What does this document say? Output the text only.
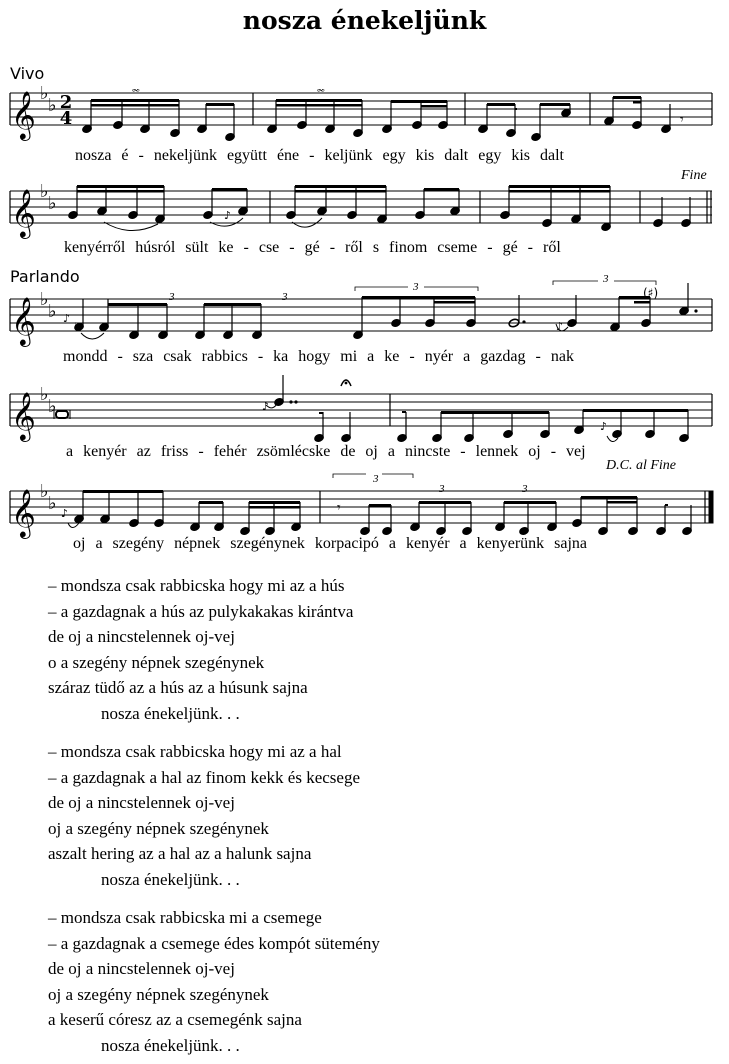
nosza énekeljünk
Vivo
Parlando
𝄞
𝄞
𝄞
𝄞
𝄞
♭
♭
♭
♭
♭
♭
♭
♭
♭
♭
2
4	𝄾
𝆗	𝆗
♪
♪
♪
♮
(♯)
3	3
3
3
♪
♪
𝄾
♪
3
3	3
Fine
D.C. al Fine
nosza é - nekeljünk együtt éne - keljünk egy kis dalt egy kis dalt
kenyérről húsról sült ke - cse - gé - ről s finom cseme - gé - ről
mondd - sza csak rabbics - ka hogy mi a ke - nyér a gazdag - nak
a kenyér az friss - fehér zsömlécske de oj a nincste - lennek oj - vej
oj a szegény népnek szegénynek korpacipó a kenyér a kenyerünk sajna
– mondsza csak rabbicska hogy mi az a hús
– a gazdagnak a hús az pulykakakas kirántva
de oj a nincstelennek oj-vej
o a szegény népnek szegénynek
száraz tüdő az a hús az a húsunk sajna
nosza énekeljünk. . .
– mondsza csak rabbicska hogy mi az a hal
– a gazdagnak a hal az finom kekk és kecsege
de oj a nincstelennek oj-vej
oj a szegény népnek szegénynek
aszalt hering az a hal az a halunk sajna
nosza énekeljünk. . .
– mondsza csak rabbicska mi a csemege
– a gazdagnak a csemege édes kompót sütemény
de oj a nincstelennek oj-vej
oj a szegény népnek szegénynek
a keserű córesz az a csemegénk sajna
nosza énekeljünk. . .
